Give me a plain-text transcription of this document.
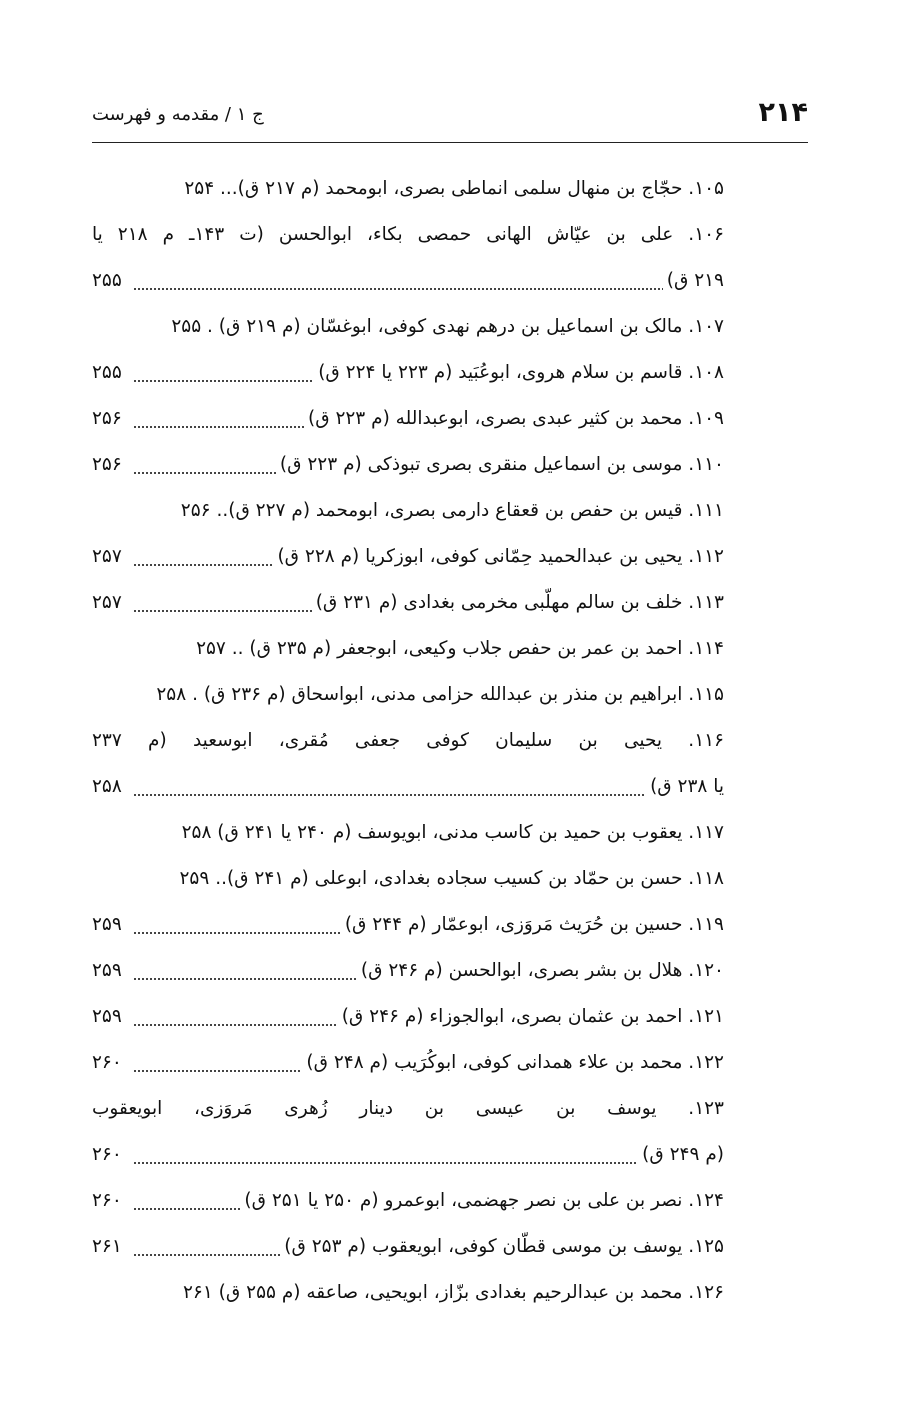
۲۱۴
ج ۱ / مقدمه و فهرست
۱۰۵. حجّاج بن منهال سلمی انماطی بصری، ابومحمد (م ۲۱۷ ق)... ۲۵۴
۱۰۶. علی بن عیّاش الهانی حمصی بکاء، ابوالحسن (ت ۱۴۳ـ م ۲۱۸ یا
۲۱۹ ق)
۲۵۵
۱۰۷. مالک بن اسماعیل بن درهم نهدی کوفی، ابوغسّان (م ۲۱۹ ق) . ۲۵۵
۱۰۸. قاسم بن سلام هروی، ابوعُبَید (م ۲۲۳ یا ۲۲۴ ق)
۲۵۵
۱۰۹. محمد بن کثیر عبدی بصری، ابوعبدالله (م ۲۲۳ ق)
۲۵۶
۱۱۰. موسی بن اسماعیل منقری بصری تبوذکی (م ۲۲۳ ق)
۲۵۶
۱۱۱. قیس بن حفص بن قعقاع دارمی بصری، ابومحمد (م ۲۲۷ ق).. ۲۵۶
۱۱۲. یحیی بن عبدالحمید حِمّانی کوفی، ابوزکریا (م ۲۲۸ ق)
۲۵۷
۱۱۳. خلف بن سالم مهلّبی مخرمی بغدادی (م ۲۳۱ ق)
۲۵۷
۱۱۴. احمد بن عمر بن حفص جلاب وکیعی، ابوجعفر (م ۲۳۵ ق) .. ۲۵۷
۱۱۵. ابراهیم بن منذر بن عبدالله حزامی مدنی، ابواسحاق (م ۲۳۶ ق) . ۲۵۸
۱۱۶. یحیی بن سلیمان کوفی جعفی مُقری، ابوسعید (م ۲۳۷
یا ۲۳۸ ق)
۲۵۸
۱۱۷. یعقوب بن حمید بن کاسب مدنی، ابویوسف (م ۲۴۰ یا ۲۴۱ ق) ۲۵۸
۱۱۸. حسن بن حمّاد بن کسیب سجاده بغدادی، ابوعلی (م ۲۴۱ ق).. ۲۵۹
۱۱۹. حسین بن حُرَیث مَروَزی، ابوعمّار (م ۲۴۴ ق)
۲۵۹
۱۲۰. هلال بن بشر بصری، ابوالحسن (م ۲۴۶ ق)
۲۵۹
۱۲۱. احمد بن عثمان بصری، ابوالجوزاء (م ۲۴۶ ق)
۲۵۹
۱۲۲. محمد بن علاء همدانی کوفی، ابوکُرَیب (م ۲۴۸ ق)
۲۶۰
۱۲۳. یوسف بن عیسی بن دینار زُهری مَروَزی، ابویعقوب
(م ۲۴۹ ق)
۲۶۰
۱۲۴. نصر بن علی بن نصر جهضمی، ابوعمرو (م ۲۵۰ یا ۲۵۱ ق)
۲۶۰
۱۲۵. یوسف بن موسی قطّان کوفی، ابویعقوب (م ۲۵۳ ق)
۲۶۱
۱۲۶. محمد بن عبدالرحیم بغدادی بزّاز، ابویحیی، صاعقه (م ۲۵۵ ق) ۲۶۱
